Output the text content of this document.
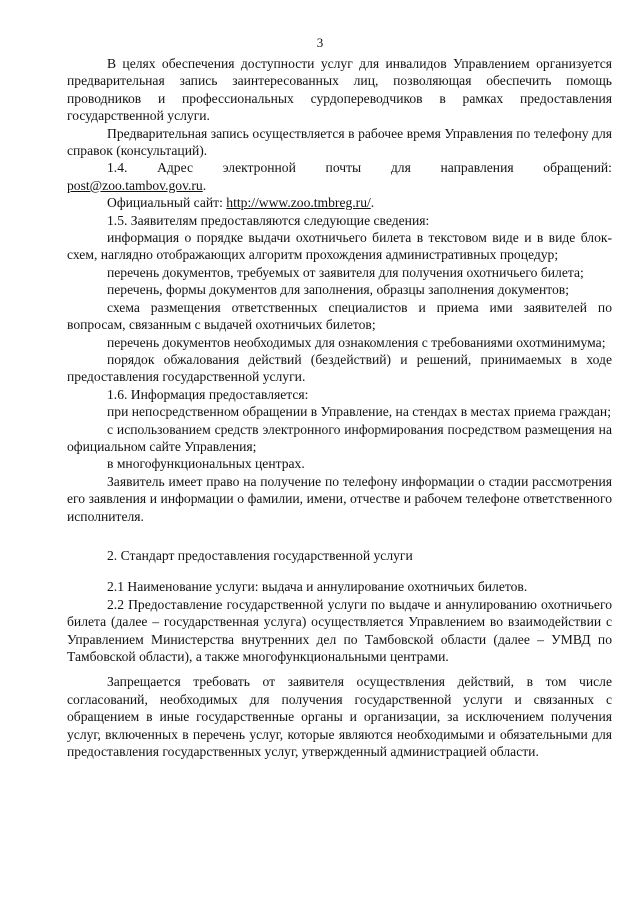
3

В целях обеспечения доступности услуг для инвалидов Управлением организуется предварительная запись заинтересованных лиц, позволяющая обеспечить помощь проводников и профессиональных сурдопереводчиков в рамках предоставления государственной услуги.

Предварительная запись осуществляется в рабочее время Управления по телефону для справок (консультаций).

1.4. Адрес электронной почты для направления обращений:

post@zoo.tambov.gov.ru.

Официальный сайт: http://www.zoo.tmbreg.ru/.

1.5. Заявителям предоставляются следующие сведения:

информация о порядке выдачи охотничьего билета в текстовом виде и в виде блок-схем, наглядно отображающих алгоритм прохождения административных процедур;

перечень документов, требуемых от заявителя для получения охотничьего билета;

перечень, формы документов для заполнения, образцы заполнения документов;

схема размещения ответственных специалистов и приема ими заявителей по вопросам, связанным с выдачей охотничьих билетов;

перечень документов необходимых для ознакомления с требованиями охотминимума;

порядок обжалования действий (бездействий) и решений, принимаемых в ходе предоставления государственной услуги.

1.6. Информация предоставляется:

при непосредственном обращении в Управление, на стендах в местах приема граждан;

с использованием средств электронного информирования посредством размещения на официальном сайте Управления;

в многофункциональных центрах.

Заявитель имеет право на получение по телефону информации о стадии рассмотрения его заявления и информации о фамилии, имени, отчестве и рабочем телефоне ответственного исполнителя.

2. Стандарт предоставления государственной услуги

2.1 Наименование услуги: выдача и аннулирование охотничьих билетов.

2.2 Предоставление государственной услуги по выдаче и аннулированию охотничьего билета (далее – государственная услуга) осуществляется Управлением во взаимодействии с Управлением Министерства внутренних дел по Тамбовской области (далее – УМВД по Тамбовской области), а также многофункциональными центрами.

Запрещается требовать от заявителя осуществления действий, в том числе согласований, необходимых для получения государственной услуги и связанных с обращением в иные государственные органы и организации, за исключением получения услуг, включенных в перечень услуг, которые являются необходимыми и обязательными для предоставления государственных услуг, утвержденный администрацией области.
